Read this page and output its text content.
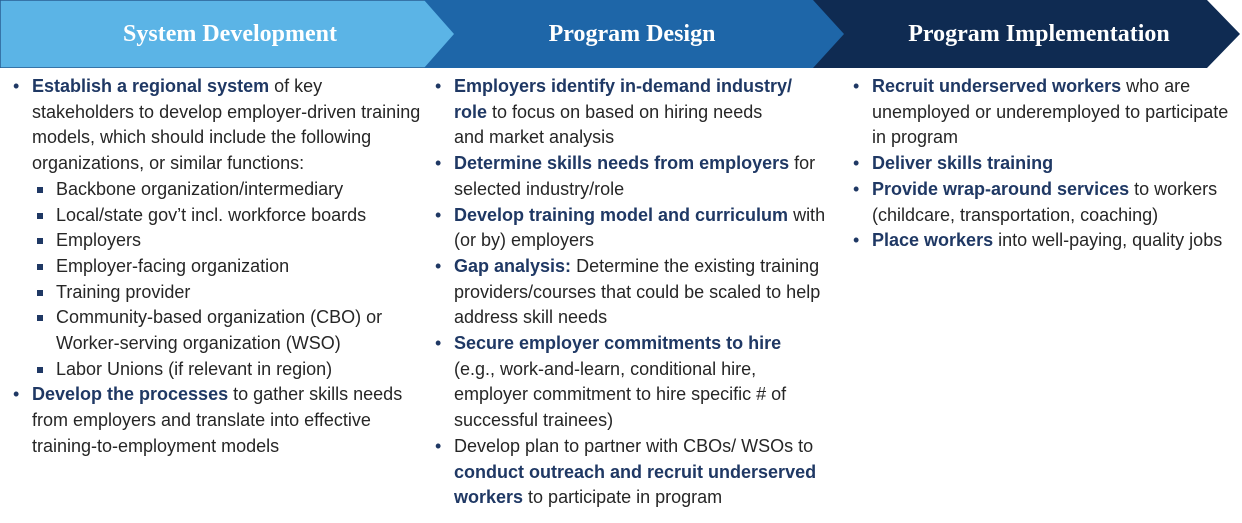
System Development	Program Design	Program Implementation
• Establish a regional system of key stakeholders to develop employer-driven training models, which should include the following organizations, or similar functions:
Backbone organization/intermediary
Local/state gov’t incl. workforce boards
Employers
Employer-facing organization
Training provider
Community-based organization (CBO) or Worker-serving organization (WSO)
Labor Unions (if relevant in region)
• Develop the processes to gather skills needs from employers and translate into effective training-to-employment models
• Employers identify in-demand industry/ role to focus on based on hiring needs and market analysis
• Determine skills needs from employers for selected industry/role
• Develop training model and curriculum with (or by) employers
• Gap analysis: Determine the existing training providers/courses that could be scaled to help address skill needs
• Secure employer commitments to hire (e.g., work-and-learn, conditional hire, employer commitment to hire specific # of successful trainees)
• Develop plan to partner with CBOs/ WSOs to conduct outreach and recruit underserved workers to participate in program
• Recruit underserved workers who are unemployed or underemployed to participate in program
• Deliver skills training
• Provide wrap-around services to workers (childcare, transportation, coaching)
• Place workers into well-paying, quality jobs
